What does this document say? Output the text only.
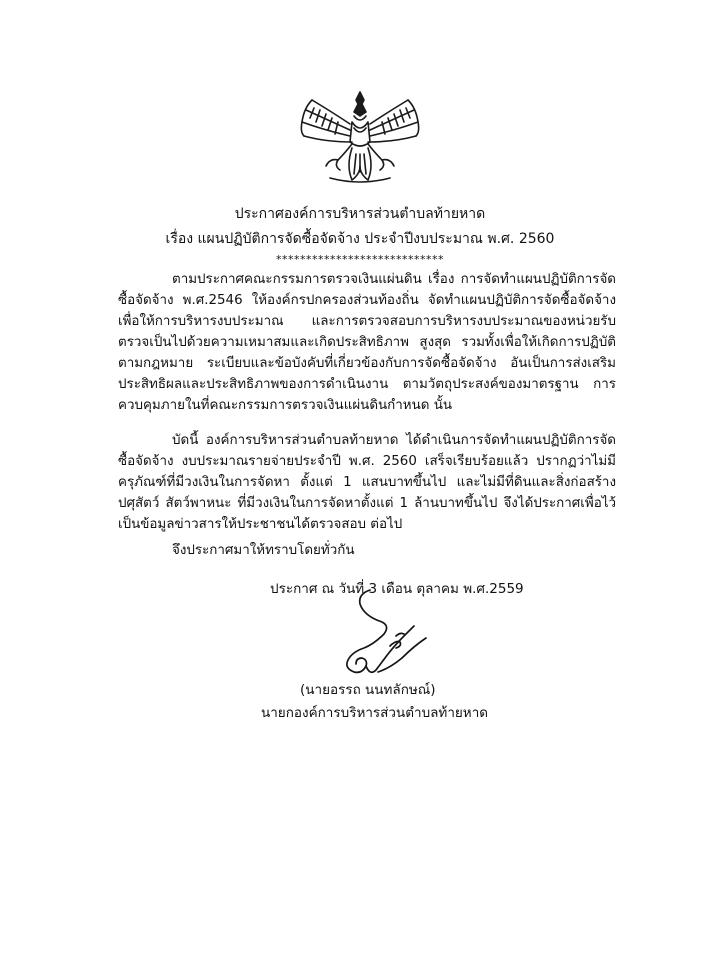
ประกาศองค์การบริหารส่วนตำบลท้ายหาด
เรื่อง แผนปฏิบัติการจัดซื้อจัดจ้าง ประจำปีงบประมาณ พ.ศ. 2560
****************************
ตามประกาศคณะกรรมการตรวจเงินแผ่นดิน เรื่อง การจัดทำแผนปฏิบัติการจัดซื้อจัดจ้าง พ.ศ.2546 ให้องค์กรปกครองส่วนท้องถิ่น จัดทำแผนปฏิบัติการจัดซื้อจัดจ้าง เพื่อให้การบริหารงบประมาณ และการตรวจสอบการบริหารงบประมาณของหน่วยรับตรวจเป็นไปด้วยความเหมาสมและเกิดประสิทธิภาพ สูงสุด รวมทั้งเพื่อให้เกิดการปฏิบัติตามกฎหมาย ระเบียบและข้อบังคับที่เกี่ยวข้องกับการจัดซื้อจัดจ้าง อันเป็นการส่งเสริมประสิทธิผลและประสิทธิภาพของการดำเนินงาน ตามวัตถุประสงค์ของมาตรฐาน การควบคุมภายในที่คณะกรรมการตรวจเงินแผ่นดินกำหนด นั้น
บัดนี้ องค์การบริหารส่วนตำบลท้ายหาด ได้ดำเนินการจัดทำแผนปฏิบัติการจัดซื้อจัดจ้าง งบประมาณรายจ่ายประจำปี พ.ศ. 2560 เสร็จเรียบร้อยแล้ว ปรากฏว่าไม่มีครุภัณฑ์ที่มีวงเงินในการจัดหา ตั้งแต่ 1 แสนบาทขึ้นไป และไม่มีที่ดินและสิ่งก่อสร้าง ปศุสัตว์ สัตว์พาหนะ ที่มีวงเงินในการจัดหาตั้งแต่ 1 ล้านบาทขึ้นไป จึงได้ประกาศเพื่อไว้เป็นข้อมูลข่าวสารให้ประชาชนได้ตรวจสอบ ต่อไป
จึงประกาศมาให้ทราบโดยทั่วกัน
ประกาศ ณ วันที่ 3 เดือน ตุลาคม พ.ศ.2559
(นายอรรถ นนทลักษณ์)
นายกองค์การบริหารส่วนตำบลท้ายหาด
